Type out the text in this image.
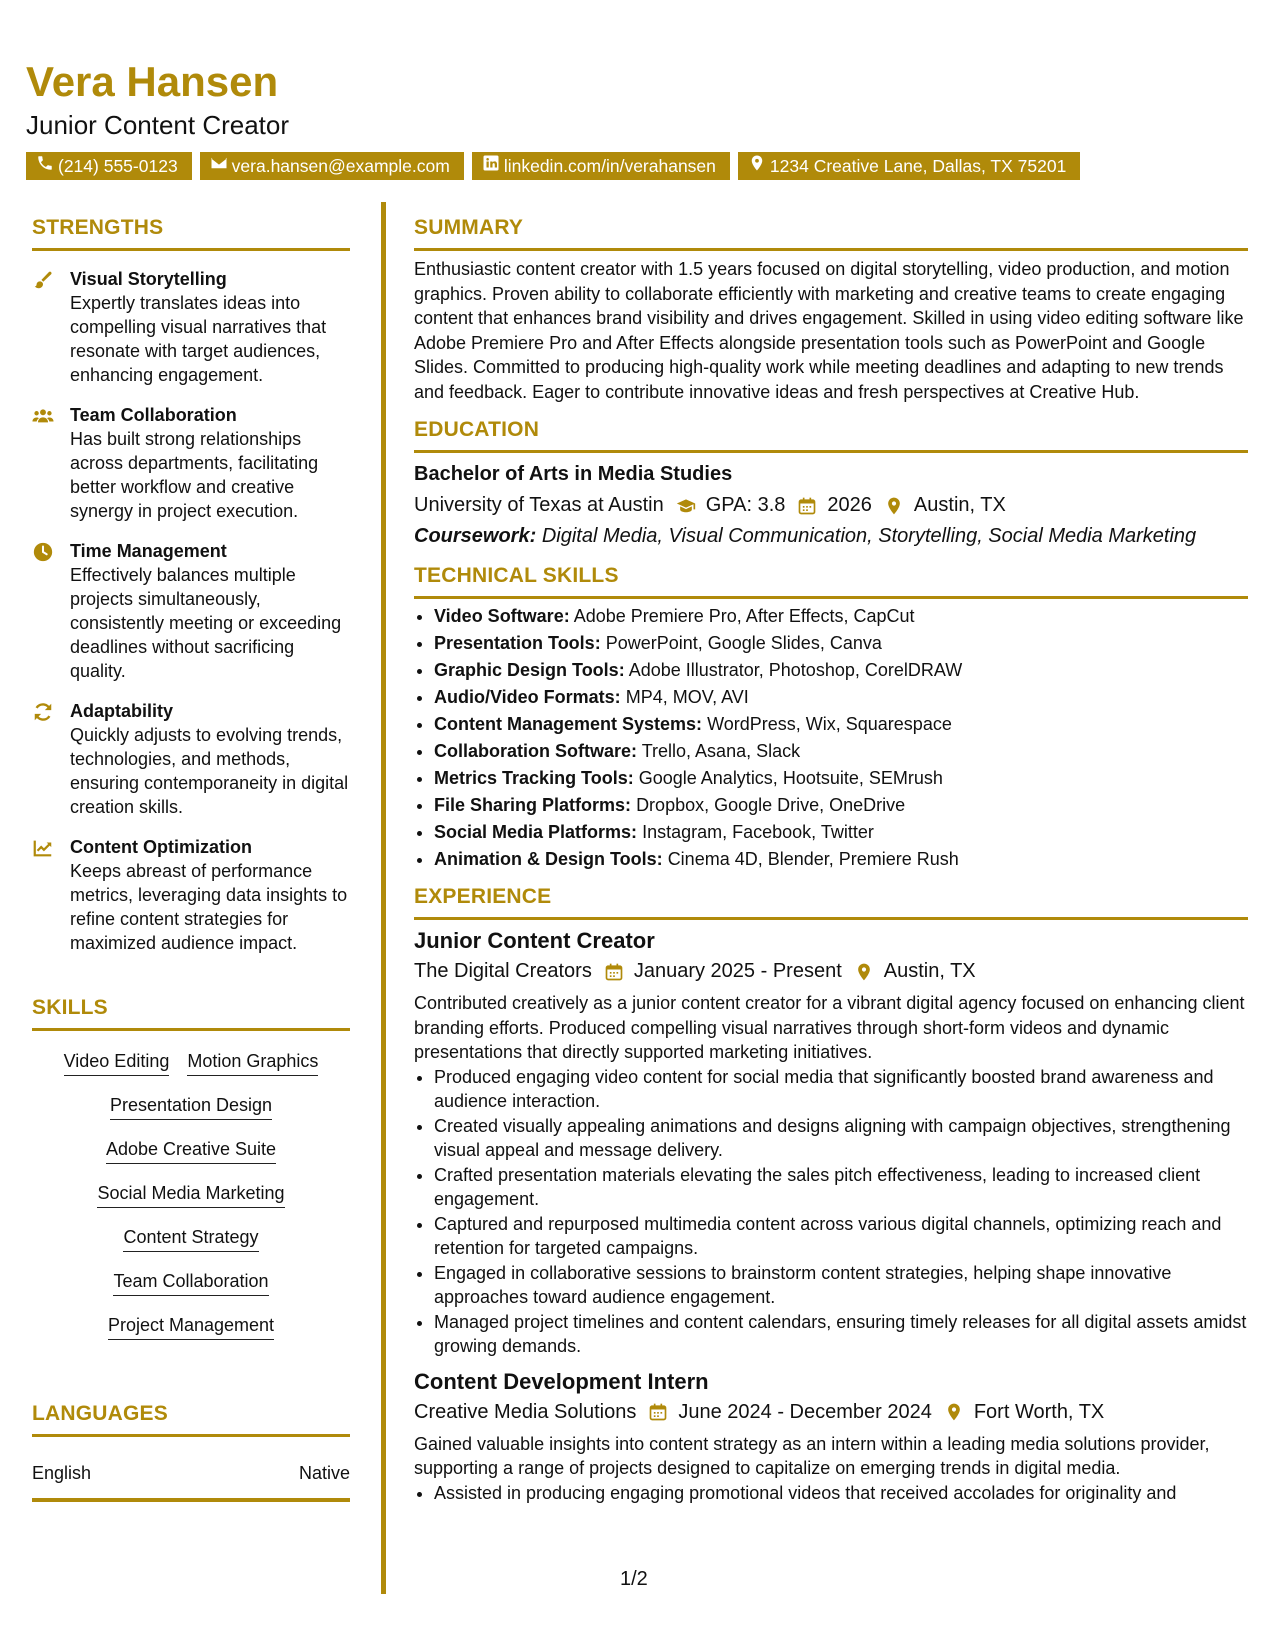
Vera Hansen
Junior Content Creator
(214) 555-0123	vera.hansen@example.com	linkedin.com/in/verahansen	1234 Creative Lane, Dallas, TX 75201
STRENGTHS
Visual Storytelling
Expertly translates ideas into compelling visual narratives that resonate with target audiences, enhancing engagement.
Team Collaboration
Has built strong relationships across departments, facilitating better workflow and creative synergy in project execution.
Time Management
Effectively balances multiple projects simultaneously, consistently meeting or exceeding deadlines without sacrificing quality.
Adaptability
Quickly adjusts to evolving trends, technologies, and methods, ensuring contemporaneity in digital creation skills.
Content Optimization
Keeps abreast of performance metrics, leveraging data insights to refine content strategies for maximized audience impact.
SKILLS
Video Editing Motion Graphics
Presentation Design
Adobe Creative Suite
Social Media Marketing
Content Strategy
Team Collaboration
Project Management
LANGUAGES
English	Native
SUMMARY
Enthusiastic content creator with 1.5 years focused on digital storytelling, video production, and motion graphics. Proven ability to collaborate efficiently with marketing and creative teams to create engaging content that enhances brand visibility and drives engagement. Skilled in using video editing software like Adobe Premiere Pro and After Effects alongside presentation tools such as PowerPoint and Google Slides. Committed to producing high-quality work while meeting deadlines and adapting to new trends and feedback. Eager to contribute innovative ideas and fresh perspectives at Creative Hub.
EDUCATION
Bachelor of Arts in Media Studies
University of Texas at Austin GPA: 3.8 2026 Austin, TX
Coursework: Digital Media, Visual Communication, Storytelling, Social Media Marketing
TECHNICAL SKILLS
• Video Software: Adobe Premiere Pro, After Effects, CapCut
• Presentation Tools: PowerPoint, Google Slides, Canva
• Graphic Design Tools: Adobe Illustrator, Photoshop, CorelDRAW
• Audio/Video Formats: MP4, MOV, AVI
• Content Management Systems: WordPress, Wix, Squarespace
• Collaboration Software: Trello, Asana, Slack
• Metrics Tracking Tools: Google Analytics, Hootsuite, SEMrush
• File Sharing Platforms: Dropbox, Google Drive, OneDrive
• Social Media Platforms: Instagram, Facebook, Twitter
• Animation & Design Tools: Cinema 4D, Blender, Premiere Rush
EXPERIENCE
Junior Content Creator
The Digital Creators January 2025 - Present Austin, TX
Contributed creatively as a junior content creator for a vibrant digital agency focused on enhancing client branding efforts. Produced compelling visual narratives through short-form videos and dynamic presentations that directly supported marketing initiatives.
• Produced engaging video content for social media that significantly boosted brand awareness and audience interaction.
• Created visually appealing animations and designs aligning with campaign objectives, strengthening visual appeal and message delivery.
• Crafted presentation materials elevating the sales pitch effectiveness, leading to increased client engagement.
• Captured and repurposed multimedia content across various digital channels, optimizing reach and retention for targeted campaigns.
• Engaged in collaborative sessions to brainstorm content strategies, helping shape innovative approaches toward audience engagement.
• Managed project timelines and content calendars, ensuring timely releases for all digital assets amidst growing demands.
Content Development Intern
Creative Media Solutions June 2024 - December 2024 Fort Worth, TX
Gained valuable insights into content strategy as an intern within a leading media solutions provider, supporting a range of projects designed to capitalize on emerging trends in digital media.
• Assisted in producing engaging promotional videos that received accolades for originality and
1/2
